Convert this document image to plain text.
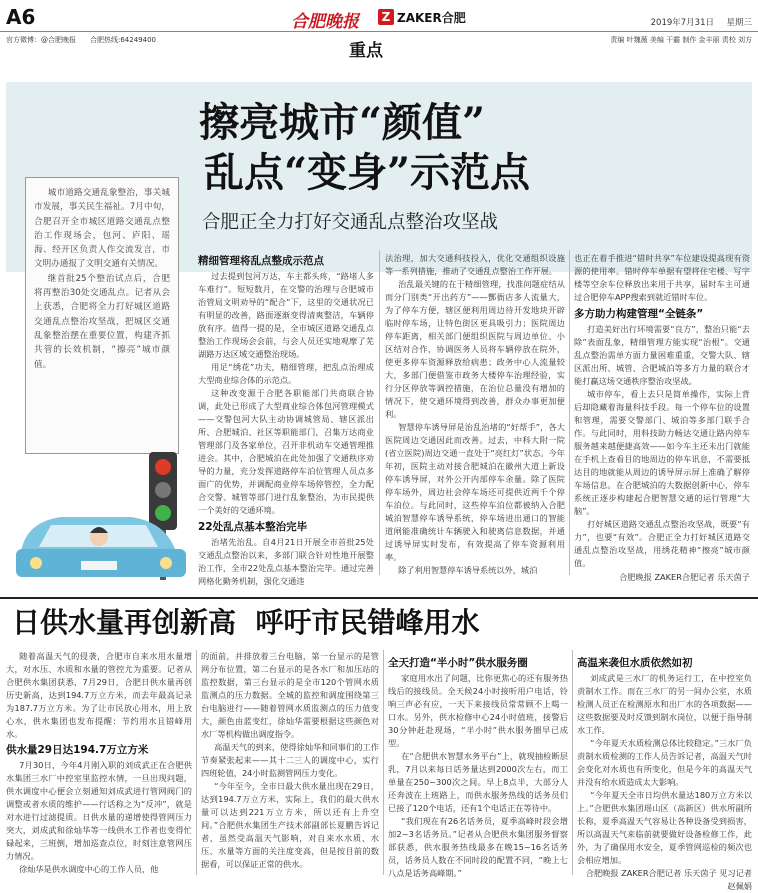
A6	合肥晚报	Z ZAKER合肥	2019年7月31日 星期三
官方微博：@合肥晚报 合肥热线:64249400
重点
责编 叶魏薇 美编 干霸 制作 金丰丽 责校 刘方

城市道路交通乱象整治，事关城市发展，事关民生福祉。7月中旬，合肥召开全市城区道路交通乱点整治工作现场会，包河、庐阳、瑶海、经开区负责人作交流发言，市文明办通报了文明交通有关情况。

继首批25个整治试点后，合肥将再整治30处交通乱点。记者从会上获悉，合肥将全力打好城区道路交通乱点整治攻坚战，把城区交通乱象整治摆在重要位置，构建齐抓共管的长效机制，“擦亮”城市颜值。

擦亮城市“颜值”
乱点“变身”示范点
合肥正全力打好交通乱点整治攻坚战
精细管理将乱点整成示范点

过去提到包河万达，车主都头疼，“路堵人多车难行”。短短数月，在交警的治理与合肥城市治管局文明劝导的“配合”下，这里的交通状况已有明显的改善，路面逐渐变得清爽整洁，车辆停放有序。值得一提的是，全市城区道路交通乱点整治工作现场会会前，与会人员还实地观摩了芜湖路万达区域交通整治现场。

用足“绣花”功夫，精细管理，把乱点治理成大型商业综合体的示范点。

这种改变源于合肥各职能部门共商联合协调，此处已形成了大型商业综合体包河管理模式——交警包河大队主动协调城管局、辖区派出所、合肥城泊、社区等职能部门，召集万达商业管理部门及各家单位，召开非机动车交通管理推进会。其中，合肥城泊在此处加强了交通秩序劝导的力量，充分发挥道路停车泊位管理人员点多面广的优势，并调配商业停车场停管控，全力配合交警、城管等部门进行乱象整治，为市民提供一个美好的交通环境。

22处乱点基本整治完毕

治堵先治乱。自4月21日开展全市首批25处交通乱点整治以来，多部门联合针对性地开展整治工作，全市22处乱点基本整治完毕。通过完善网格化勤务机制，强化交通违

法治理，加大交通科技投入，优化交通组织设施等一系列措施，推动了交通乱点整治工作开展。

治乱最关键的在于精细管理，找准问题症结从而分门别类“开出药方”——酆衙店多人流量大，为了停车方便，辖区便利用周边待开发地块开辟临时停车场，让特色街区更具吸引力；医院周边停车距离，相关部门便组织医院与周边单位、小区结对合作，协调医务人员将车辆停放在院外，使更多停车资源释放给病患；政务中心人流量较大，多部门便借鉴市政务大楼停车治理经验，实行分区停放等调控措施，在治位总量没有增加的情况下，使交通环境得到改善，群众办事更加便利。

智慧停车诱导屏是治乱治堵的“好帮手”，各大医院周边交通因此而改善。过去，中科大附一院(省立医院)周边交通一直处于“亮红灯”状态。今年年初，医院主动对接合肥城泊在徽州大道上新设停车诱导屏，对外公开内部停车余量。除了医院停车场外，周边社会停车场还可提供近两千个停车泊位。与此同时，这些停车泊位都被纳入合肥城泊智慧停车诱导系统，停车场进出通口的智能道闸能准确统计车辆驶入和驶离信息数据，并通过诱导屏实时发布，有效提高了停车资源利用率。

除了利用智慧停车诱导系统以外，城泊

也正在着手推进“错时共享”车位建设提高现有资源的使用率。错时停车单据有望将住宅楼、写字楼等空余车位释放出来用于共享，届时车主可通过合肥停车APP搜索到就近错时车位。

多方助力构建管理“全链条”

打造美好出行环境需要“良方”，整治只能“去除”表面乱象，精细管理方能实现“治根”。交通乱点整治需单方面力量困难重重，交警大队、辖区派出所、城管、合肥城泊等多方力量的联合才能打赢这场交通秩序整治攻坚战。

城市停车，看上去只是简单操作，实际上背后却隐藏着海量科技手段。每一个停车位的设置和管理，需要交警部门、城泊等多部门联手合作。与此同时，用科技助力畅达交通让路内停车服务越来越便捷高效——如今车主还未出门就能在手机上查看目的地周边的停车讯息，不需要抵达目的地就能从周边的诱导屏示屏上准确了解停车场信息。在合肥城泊的大数据创新中心，停车系统正逐步构建起合肥智慧交通的运行管理“大脑”。

打好城区道路交通乱点整治攻坚战，既要“有力”，也要“有效”。合肥正全力打好城区道路交通乱点整治攻坚战，用绣花精神“擦亮”城市颜值。

合肥晚报 ZAKER合肥记者 乐天茵子
日供水量再创新高  呼吁市民错峰用水

随着高温天气的侵袭，合肥市自来水用水量增大，对水压、水质和水量的管控尤为重要。记者从合肥供水集团获悉，7月29日，合肥日供水量再创历史新高，达到194.7万立方米，而去年最高记录为187.7万立方米。为了让市民放心用水，用上放心水，供水集团也发布提醒：节约用水且错峰用水。

供水量29日达194.7万立方米

7月30日，今年4月刚入职的刘成武正在合肥供水集团三水厂中控室里监控水情，一旦出现问题，供水调度中心便会立刻通知刘成武进行管网阀门的调整或者水质的维护——行话称之为“反冲”，就是对水进行过滤提质。日供水量的递增使得管网压力突大，刘成武和徐灿华等一线供水工作者也变得忙碌起来，三班倒，增加巡查点位，时刻注意管网压力情况。

徐灿华是供水调度中心的工作人员，他

的面前，并排放着三台电脑，第一台显示的是管网分布位置，第二台显示的是各水厂和加压站的监控数据，第三台显示的是全市120个管网水质监测点的压力数据。全城的监控和调度围绕第三台电脑进行——随着管网水质监测点的压力值变大，颜色由蓝变红，徐灿华需要根据这些颜色对水厂等机构做出调度指令。

高温天气的到来，使得徐灿华和同事们的工作节奏紧张起来——其十二三人的调度中心，实行四班轮值，24小时监测管网压力变化。

“今年至今，全市日最大供水量出现在29日，达到194.7万立方米，实际上，我们的最大供水量可以达到221万立方米，所以还有上升空间。”合肥供水集团生产技术部副部长夏鹏告诉记者，虽然受高温天气影响，对自来水水质、水压、水量等方面的关注度变高，但是按目前的数据看，可以保证正常的供水。

全天打造“半小时”供水服务圈

家庭用水出了问题，比你更焦心的还有服务热线后的接线员。全天候24小时接听用户电话，铃响三声必有应，一天下来接线员常常顾不上喝一口水。另外，供水检修中心24小时值班，接警后30分钟赶赴现场，“半小时”供水服务圈早已成型。

在“合肥供水智慧水务平台”上，就现抽检断层乳，7月以来每日话务量达到2000次左右，而工单量在250~300次之间。早上8点半，大部分人还奔波在上班路上，而供水服务热线的话务员们已接了120个电话，还有1个电话正在等待中。

“我们现在有26名话务员，夏季高峰时段会增加2~3名话务员。”记者从合肥供水集团服务督察部获悉，供水服务热线最多在晚15~16名话务员，话务员人数在不同时段的配置不同，“晚上七八点是话务高峰期。”

高温来袭但水质依然如初

刘成武是三水厂的机务运行工，在中控室负责制水工作。而在三水厂的另一间办公室，水质检测人员正在检测原水和出厂水的各项数据——这些数据要及时反馈到制水岗位，以便于指导制水工作。

“今年夏天水质检测总体比较稳定。”三水厂负责制水质检测的工作人员告诉记者，高温天气时会变化对水质也有所变化，但是今年的高温天气并没有给水质造成太大影响。

“今年夏天全市日均供水量达180万立方米以上。”合肥供水集团瑶山区（高新区）供水所副所长称，夏季高温天气容易让各种设备受到损害，所以高温天气来临前就要做好设备检修工作，此外，为了确保用水安全，夏季管网巡检的频次也会相应增加。

合肥晚报 ZAKER合肥记者 乐天茵子 见习记者 赵佩娟
